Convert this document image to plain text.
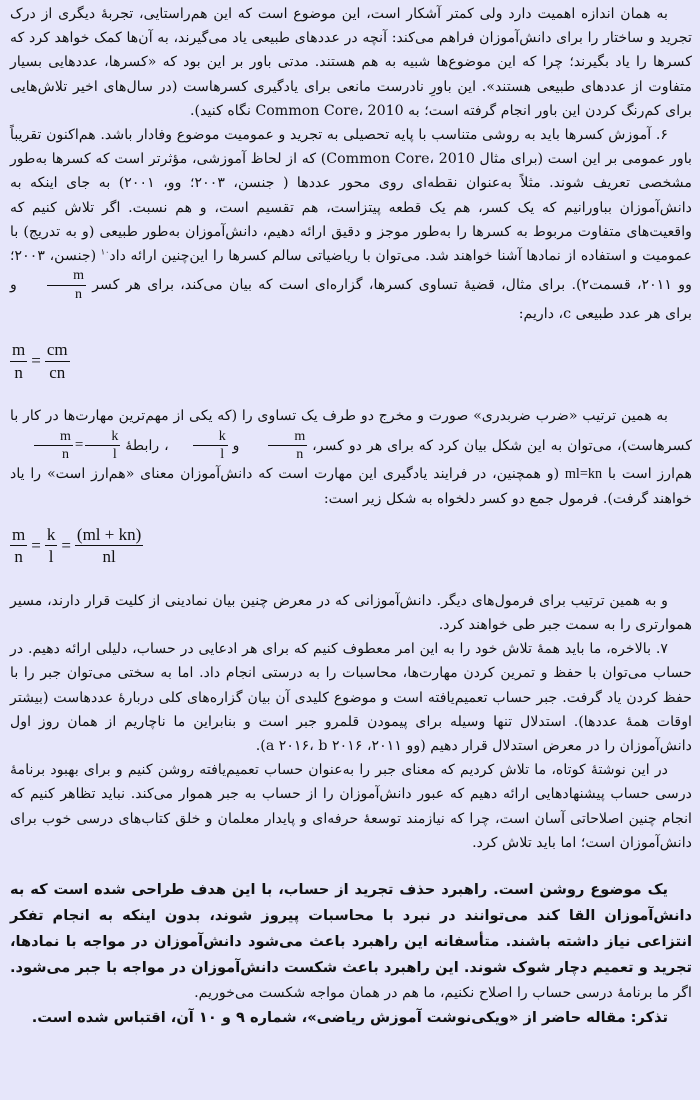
به همان اندازه اهمیت دارد ولی کمتر آشکار است، این موضوع است که این هم‌راستایی، تجربهٔ دیگری از درک تجرید و ساختار را برای دانش‌آموزان فراهم می‌کند: آنچه در عددهای طبیعی یاد می‌گیرند، به آن‌ها کمک خواهد کرد که کسرها را یاد بگیرند؛ چرا که این موضوع‌ها شبیه به هم هستند. مدتی باور بر این بود که «کسرها، عددهایی بسیار متفاوت از عددهای طبیعی هستند». این باورِ نادرست مانعی برای یادگیری کسرهاست (در سال‌های اخیر تلاش‌هایی برای کم‌رنگ کردن این باور انجام گرفته است؛ به Common Core، 2010 نگاه کنید).

۶. آموزش کسرها باید به روشی متناسب با پایه تحصیلی به تجرید و عمومیت موضوع وفادار باشد. هم‌اکنون تقریباً باور عمومی بر این است (برای مثال Common Core، 2010) که از لحاظ آموزشی، مؤثرتر است که کسرها به‌طور مشخصی تعریف شوند. مثلاً به‌عنوان نقطه‌ای روی محور عددها ( جنسن، ۲۰۰۳؛ وو، ۲۰۰۱) به جای اینکه به دانش‌آموزان بباورانیم که یک کسر، هم یک قطعه پیتزاست، هم تقسیم است، و هم نسبت. اگر تلاش کنیم که واقعیت‌های متفاوت مربوط به کسرها را به‌طور موجز و دقیق ارائه دهیم، دانش‌آموزان به‌طور طبیعی (و به تدریج) با عمومیت و استفاده از نمادها آشنا خواهند شد. می‌توان با ریاضیاتی سالم کسرها را این‌چنین ارائه داد$^{۱۰}$ (جنسن، ۲۰۰۳؛ وو ۲۰۱۱، قسمت۲). برای مثال، قضیهٔ تساوی کسرها، گزاره‌ای است که بیان می‌کند، برای هر کسر
$\frac{m}{n}$
و برای هر عدد طبیعی c، داریم:

$\frac{m}{n} = \frac{cm}{cn}$

به همین ترتیب «ضرب ضربدری» صورت و مخرج دو طرف یک تساوی را (که یکی از مهم‌ترین مهارت‌ها در کار با کسرهاست)، می‌توان به این شکل بیان کرد که برای هر دو کسر،
$\frac{m}{n}$
و
$\frac{k}{l}$
، رابطهٔ
$\frac{m}{n} = \frac{k}{l}$
هم‌ارز است با ml=kn (و همچنین، در فرایند یادگیری این مهارت است که دانش‌آموزان معنای «هم‌ارز است» را یاد خواهند گرفت). فرمول جمع دو کسر دلخواه به شکل زیر است:

$\frac{m}{n} = \frac{k}{l} = \frac{(ml + kn)}{nl}$

و به همین ترتیب برای فرمول‌های دیگر. دانش‌آموزانی که در معرض چنین بیان نمادینی از کلیت قرار دارند، مسیر هموارتری را به سمت جبر طی خواهند کرد.

۷. بالاخره، ما باید همهٔ تلاش خود را به این امر معطوف کنیم که برای هر ادعایی در حساب، دلیلی ارائه دهیم. در حساب می‌توان با حفظ و تمرین کردن مهارت‌ها، محاسبات را به درستی انجام داد. اما به سختی می‌توان جبر را با حفظ کردن یاد گرفت. جبر حساب تعمیم‌یافته است و موضوع کلیدی آن بیان گزاره‌های کلی دربارهٔ عددهاست (بیشتر اوقات همهٔ عددها). استدلال تنها وسیله برای پیمودن قلمرو جبر است و بنابراین ما ناچاریم از همان روز اول دانش‌آموزان را در معرض استدلال قرار دهیم (وو ۲۰۱۱، a ۲۰۱۶، b ۲۰۱۶).

در این نوشتهٔ کوتاه، ما تلاش کردیم که معنای جبر را به‌عنوان حساب تعمیم‌یافته روشن کنیم و برای بهبود برنامهٔ درسی حساب پیشنهادهایی ارائه دهیم که عبور دانش‌آموزان را از حساب به جبر هموار می‌کند. نباید تظاهر کنیم که انجام چنین اصلاحاتی آسان است، چرا که نیازمند توسعهٔ حرفه‌ای و پایدار معلمان و خلق کتاب‌های درسی خوب برای دانش‌آموزان است؛ اما باید تلاش کرد.

یک موضوع روشن است. راهبرد حذف تجرید از حساب، با این هدف طراحی شده است که به دانش‌آموزان القا کند می‌توانند در نبرد با محاسبات پیروز شوند، بدون اینکه به انجام تفکر انتزاعی نیاز داشته باشند. متأسفانه این راهبرد باعث می‌شود دانش‌آموزان در مواجه با نمادها، تجرید و تعمیم دچار شوک شوند. این راهبرد باعث شکست دانش‌آموزان در مواجه با جبر می‌شود. اگر ما برنامهٔ درسی حساب را اصلاح نکنیم، ما هم در همان مواجه شکست می‌خوریم.

تذکر: مقاله حاضر از «ویکی‌نوشت آموزش ریاضی»، شماره ۹ و ۱۰ آن، اقتباس شده است.
